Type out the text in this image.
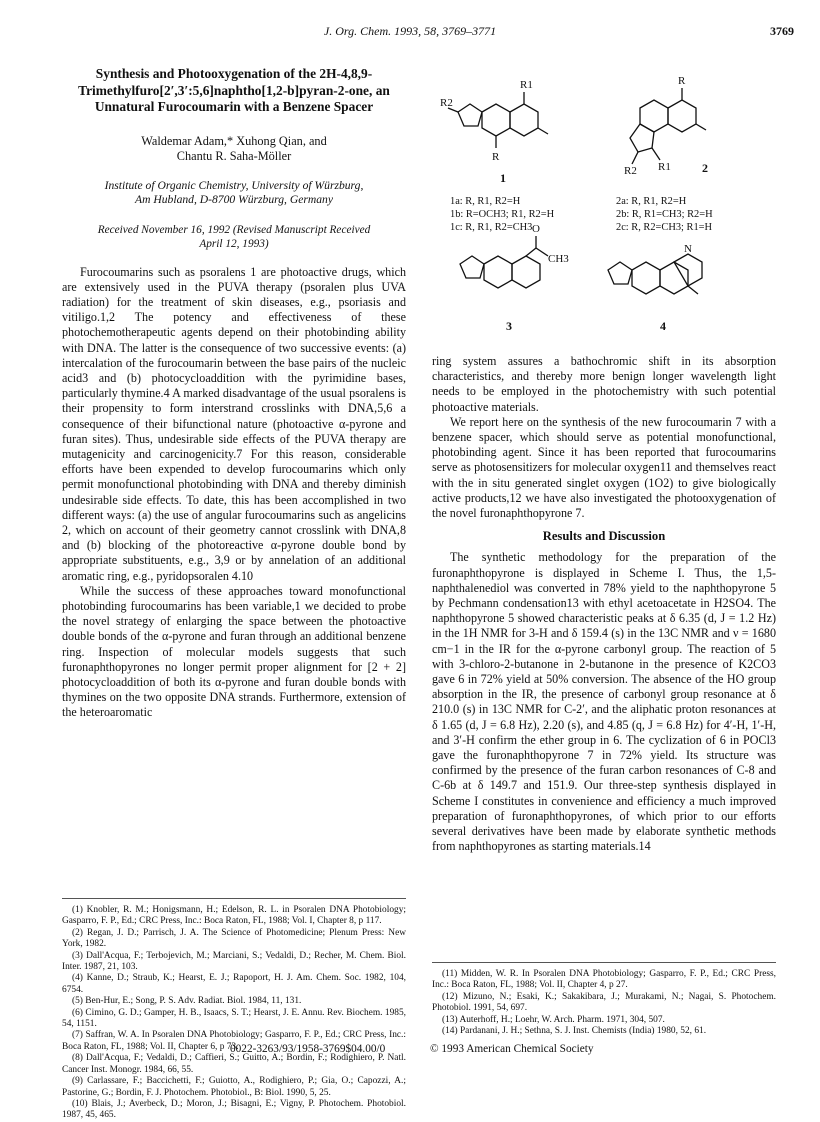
J. Org. Chem. 1993, 58, 3769–3771	3769
Synthesis and Photooxygenation of the 2H-4,8,9-Trimethylfuro[2′,3′:5,6]naphtho[1,2-b]pyran-2-one, an Unnatural Furocoumarin with a Benzene Spacer
Waldemar Adam,* Xuhong Qian, and
Chantu R. Saha-Möller
Institute of Organic Chemistry, University of Würzburg,
Am Hubland, D-8700 Würzburg, Germany
Received November 16, 1992 (Revised Manuscript Received
April 12, 1993)

Furocoumarins such as psoralens 1 are photoactive drugs, which are extensively used in the PUVA therapy (psoralen plus UVA radiation) for the treatment of skin diseases, e.g., psoriasis and vitiligo.1,2 The potency and effectiveness of these photochemotherapeutic agents depend on their photobinding ability with DNA. The latter is the consequence of two successive events: (a) intercalation of the furocoumarin between the base pairs of the nucleic acid3 and (b) photocycloaddition with the pyrimidine bases, particularly thymine.4 A marked disadvantage of the usual psoralens is their propensity to form interstrand crosslinks with DNA,5,6 a consequence of their bifunctional nature (photoactive α-pyrone and furan sites). Thus, undesirable side effects of the PUVA therapy are mutagenicity and carcinogenicity.7 For this reason, considerable efforts have been expended to develop furocoumarins which only permit monofunctional photobinding with DNA and thereby diminish undesirable side effects. To date, this has been accomplished in two different ways: (a) the use of angular furocoumarins such as angelicins 2, which on account of their geometry cannot crosslink with DNA,8 and (b) blocking of the photoreactive α-pyrone double bond by appropriate substituents, e.g., 3,9 or by annelation of an additional aromatic ring, e.g., pyridopsoralen 4.10

While the success of these approaches toward monofunctional photobinding furocoumarins has been variable,1 we decided to probe the novel strategy of enlarging the space between the photoactive double bonds of the α-pyrone and furan through an additional benzene ring. Inspection of molecular models suggests that such furonaphthopyrones no longer permit proper alignment for [2 + 2] photocycloaddition of both its α-pyrone and furan double bonds with thymines on the two opposite DNA strands. Furthermore, extension of the heteroaromatic

R1
R
R2
R
R2 R1
CH3
O
N
1
2
3	4
1a: R, R1, R2=H
1b: R=OCH3; R1, R2=H
1c: R, R1, R2=CH3
2a: R, R1, R2=H
2b: R, R1=CH3; R2=H
2c: R, R2=CH3; R1=H

ring system assures a bathochromic shift in its absorption characteristics, and thereby more benign longer wavelength light needs to be employed in the photochemistry with such potential photoactive materials.

We report here on the synthesis of the new furocoumarin 7 with a benzene spacer, which should serve as potential monofunctional, photobinding agent. Since it has been reported that furocoumarins serve as photosensitizers for molecular oxygen11 and themselves react with the in situ generated singlet oxygen (1O2) to give biologically active products,12 we have also investigated the photooxygenation of the novel furonaphthopyrone 7.

Results and Discussion

The synthetic methodology for the preparation of the furonaphthopyrone is displayed in Scheme I. Thus, the 1,5-naphthalenediol was converted in 78% yield to the naphthopyrone 5 by Pechmann condensation13 with ethyl acetoacetate in H2SO4. The naphthopyrone 5 showed characteristic peaks at δ 6.35 (d, J = 1.2 Hz) in the 1H NMR for 3-H and δ 159.4 (s) in the 13C NMR and ν = 1680 cm−1 in the IR for the α-pyrone carbonyl group. The reaction of 5 with 3-chloro-2-butanone in 2-butanone in the presence of K2CO3 gave 6 in 72% yield at 50% conversion. The absence of the HO group absorption in the IR, the presence of carbonyl group resonance at δ 210.0 (s) in 13C NMR for C-2′, and the aliphatic proton resonances at δ 1.65 (d, J = 6.8 Hz), 2.20 (s), and 4.85 (q, J = 6.8 Hz) for 4′-H, 1′-H, and 3′-H confirm the ether group in 6. The cyclization of 6 in POCl3 gave the furonaphthopyrone 7 in 72% yield. Its structure was confirmed by the presence of the furan carbon resonances of C-8 and C-6b at δ 149.7 and 151.9. Our three-step synthesis displayed in Scheme I constitutes in convenience and efficiency a much improved preparation of furonaphthopyrones, of which prior to our efforts several derivatives have been made by elaborate synthetic methods from naphthopyrones as starting materials.14

(1) Knobler, R. M.; Honigsmann, H.; Edelson, R. L. in Psoralen DNA Photobiology; Gasparro, F. P., Ed.; CRC Press, Inc.: Boca Raton, FL, 1988; Vol. I, Chapter 8, p 117.
(2) Regan, J. D.; Parrisch, J. A. The Science of Photomedicine; Plenum Press: New York, 1982.
(3) Dall'Acqua, F.; Terbojevich, M.; Marciani, S.; Vedaldi, D.; Recher, M. Chem. Biol. Inter. 1987, 21, 103.
(4) Kanne, D.; Straub, K.; Hearst, E. J.; Rapoport, H. J. Am. Chem. Soc. 1982, 104, 6754.
(5) Ben-Hur, E.; Song, P. S. Adv. Radiat. Biol. 1984, 11, 131.
(6) Cimino, G. D.; Gamper, H. B., Isaacs, S. T.; Hearst, J. E. Annu. Rev. Biochem. 1985, 54, 1151.
(7) Saffran, W. A. In Psoralen DNA Photobiology; Gasparro, F. P., Ed.; CRC Press, Inc.: Boca Raton, FL, 1988; Vol. II, Chapter 6, p 73.
(8) Dall'Acqua, F.; Vedaldi, D.; Caffieri, S.; Guitto, A.; Bordin, F.; Rodighiero, P. Natl. Cancer Inst. Monogr. 1984, 66, 55.
(9) Carlassare, F.; Baccichetti, F.; Guiotto, A., Rodighiero, P.; Gia, O.; Capozzi, A.; Pastorine, G.; Bordin, F. J. Photochem. Photobiol., B: Biol. 1990, 5, 25.
(10) Blais, J.; Averbeck, D.; Moron, J.; Bisagni, E.; Vigny, P. Photochem. Photobiol. 1987, 45, 465.
(11) Midden, W. R. In Psoralen DNA Photobiology; Gasparro, F. P., Ed.; CRC Press, Inc.: Boca Raton, FL, 1988; Vol. II, Chapter 4, p 27.
(12) Mizuno, N.; Esaki, K.; Sakakibara, J.; Murakami, N.; Nagai, S. Photochem. Photobiol. 1991, 54, 697.
(13) Auterhoff, H.; Loehr, W. Arch. Pharm. 1971, 304, 507.
(14) Pardanani, J. H.; Sethna, S. J. Inst. Chemists (India) 1980, 52, 61.
0022-3263/93/1958-3769$04.00/0	© 1993 American Chemical Society
